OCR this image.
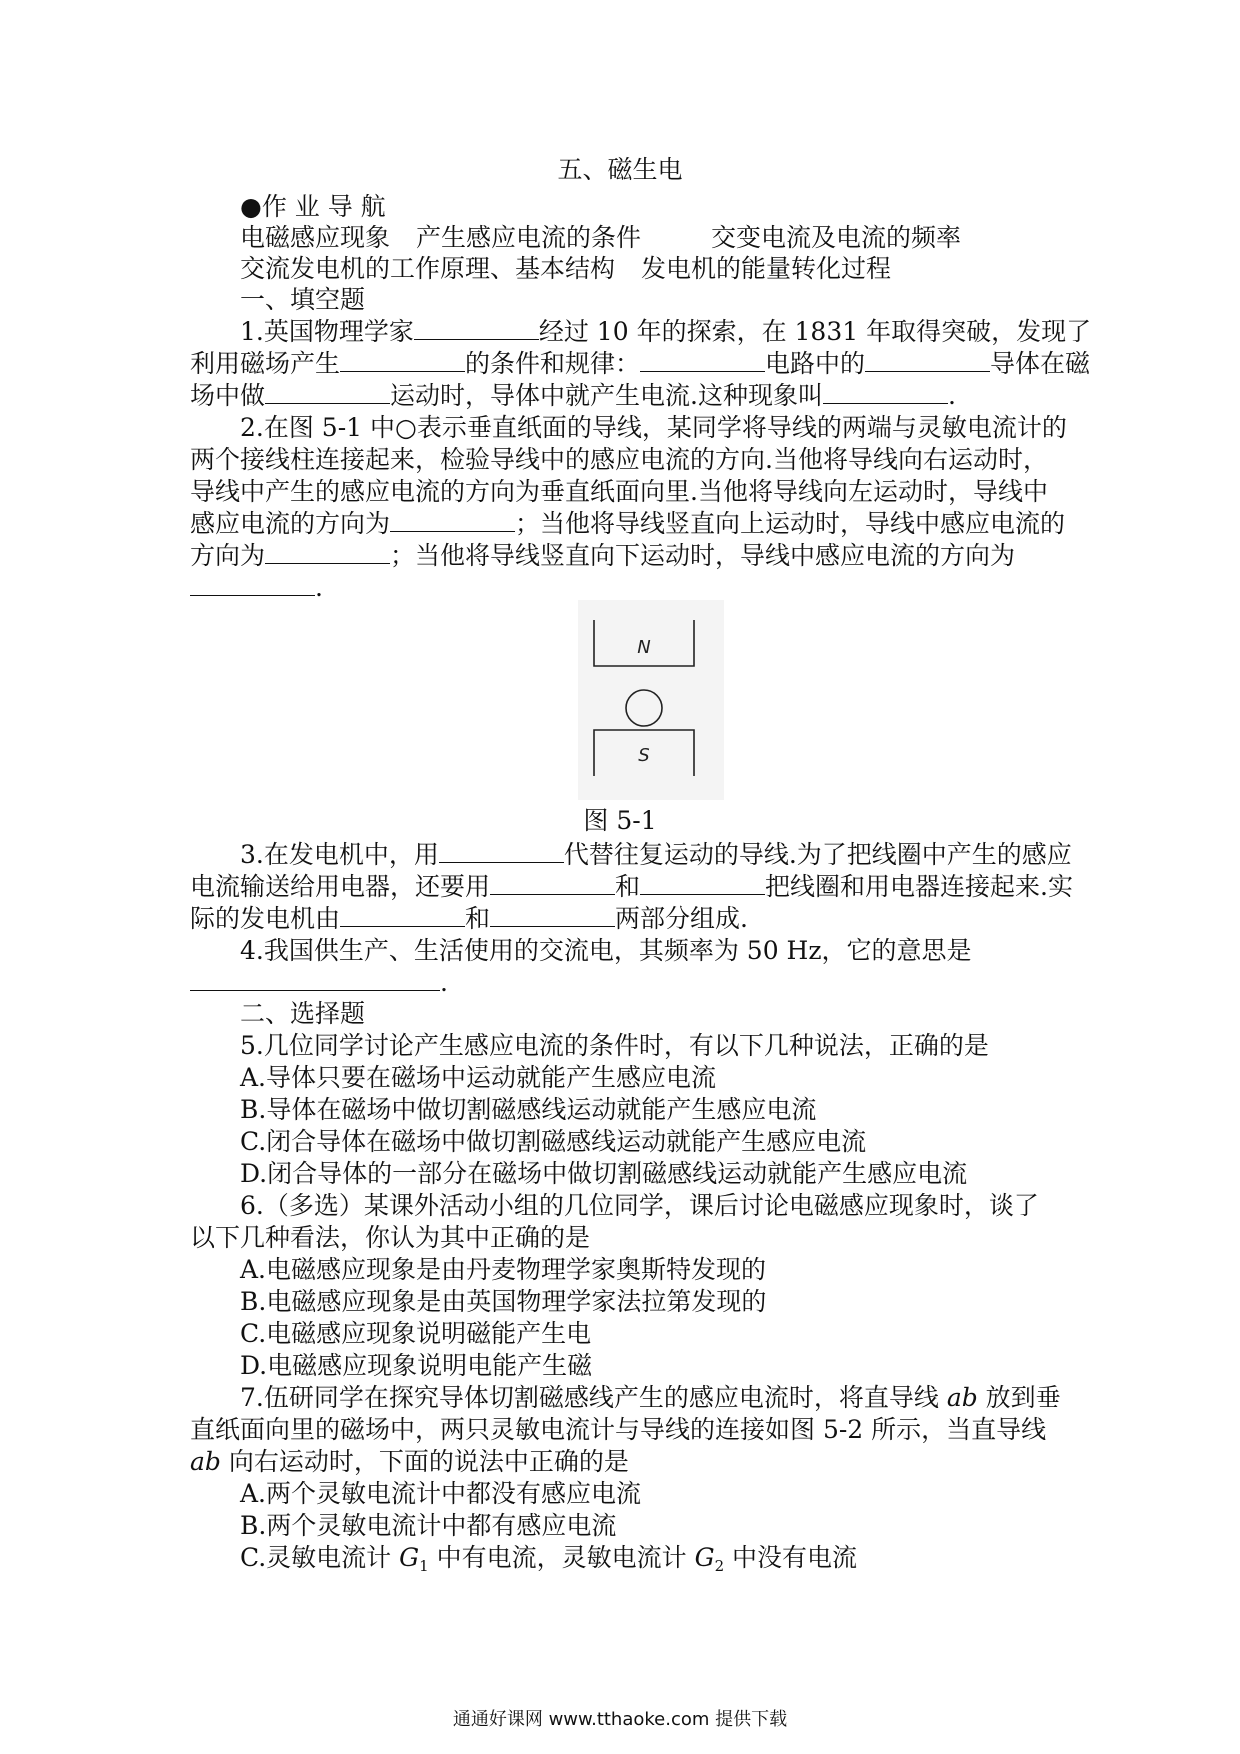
五、磁生电
●作 业 导 航
电磁感应现象 产生感应电流的条件	交变电流及电流的频率
交流发电机的工作原理、基本结构 发电机的能量转化过程
一、填空题
1.英国物理学家	经过 10 年的探索，在 1831 年取得突破，发现了
利用磁场产生	的条件和规律：	电路中的	导体在磁
场中做	运动时，导体中就产生电流.这种现象叫	.
2.在图 5-1 中○表示垂直纸面的导线，某同学将导线的两端与灵敏电流计的
两个接线柱连接起来，检验导线中的感应电流的方向.当他将导线向右运动时，
导线中产生的感应电流的方向为垂直纸面向里.当他将导线向左运动时，导线中
感应电流的方向为	；当他将导线竖直向上运动时，导线中感应电流的
方向为	；当他将导线竖直向下运动时，导线中感应电流的方向为
.
N
S
图 5-1
3.在发电机中，用	代替往复运动的导线.为了把线圈中产生的感应
电流输送给用电器，还要用	和	把线圈和用电器连接起来.实
际的发电机由	和	两部分组成.
4.我国供生产、生活使用的交流电，其频率为 50 Hz，它的意思是
.
二、选择题
5.几位同学讨论产生感应电流的条件时，有以下几种说法，正确的是
A.导体只要在磁场中运动就能产生感应电流
B.导体在磁场中做切割磁感线运动就能产生感应电流
C.闭合导体在磁场中做切割磁感线运动就能产生感应电流
D.闭合导体的一部分在磁场中做切割磁感线运动就能产生感应电流
6.（多选）某课外活动小组的几位同学，课后讨论电磁感应现象时，谈了
以下几种看法，你认为其中正确的是
A.电磁感应现象是由丹麦物理学家奥斯特发现的
B.电磁感应现象是由英国物理学家法拉第发现的
C.电磁感应现象说明磁能产生电
D.电磁感应现象说明电能产生磁
7.伍研同学在探究导体切割磁感线产生的感应电流时，将直导线 ab 放到垂
直纸面向里的磁场中，两只灵敏电流计与导线的连接如图 5-2 所示，当直导线
ab 向右运动时，下面的说法中正确的是
A.两个灵敏电流计中都没有感应电流
B.两个灵敏电流计中都有感应电流
C.灵敏电流计 $G_1$ 中有电流，灵敏电流计 $G_2$ 中没有电流
通通好课网 www.tthaoke.com 提供下载
